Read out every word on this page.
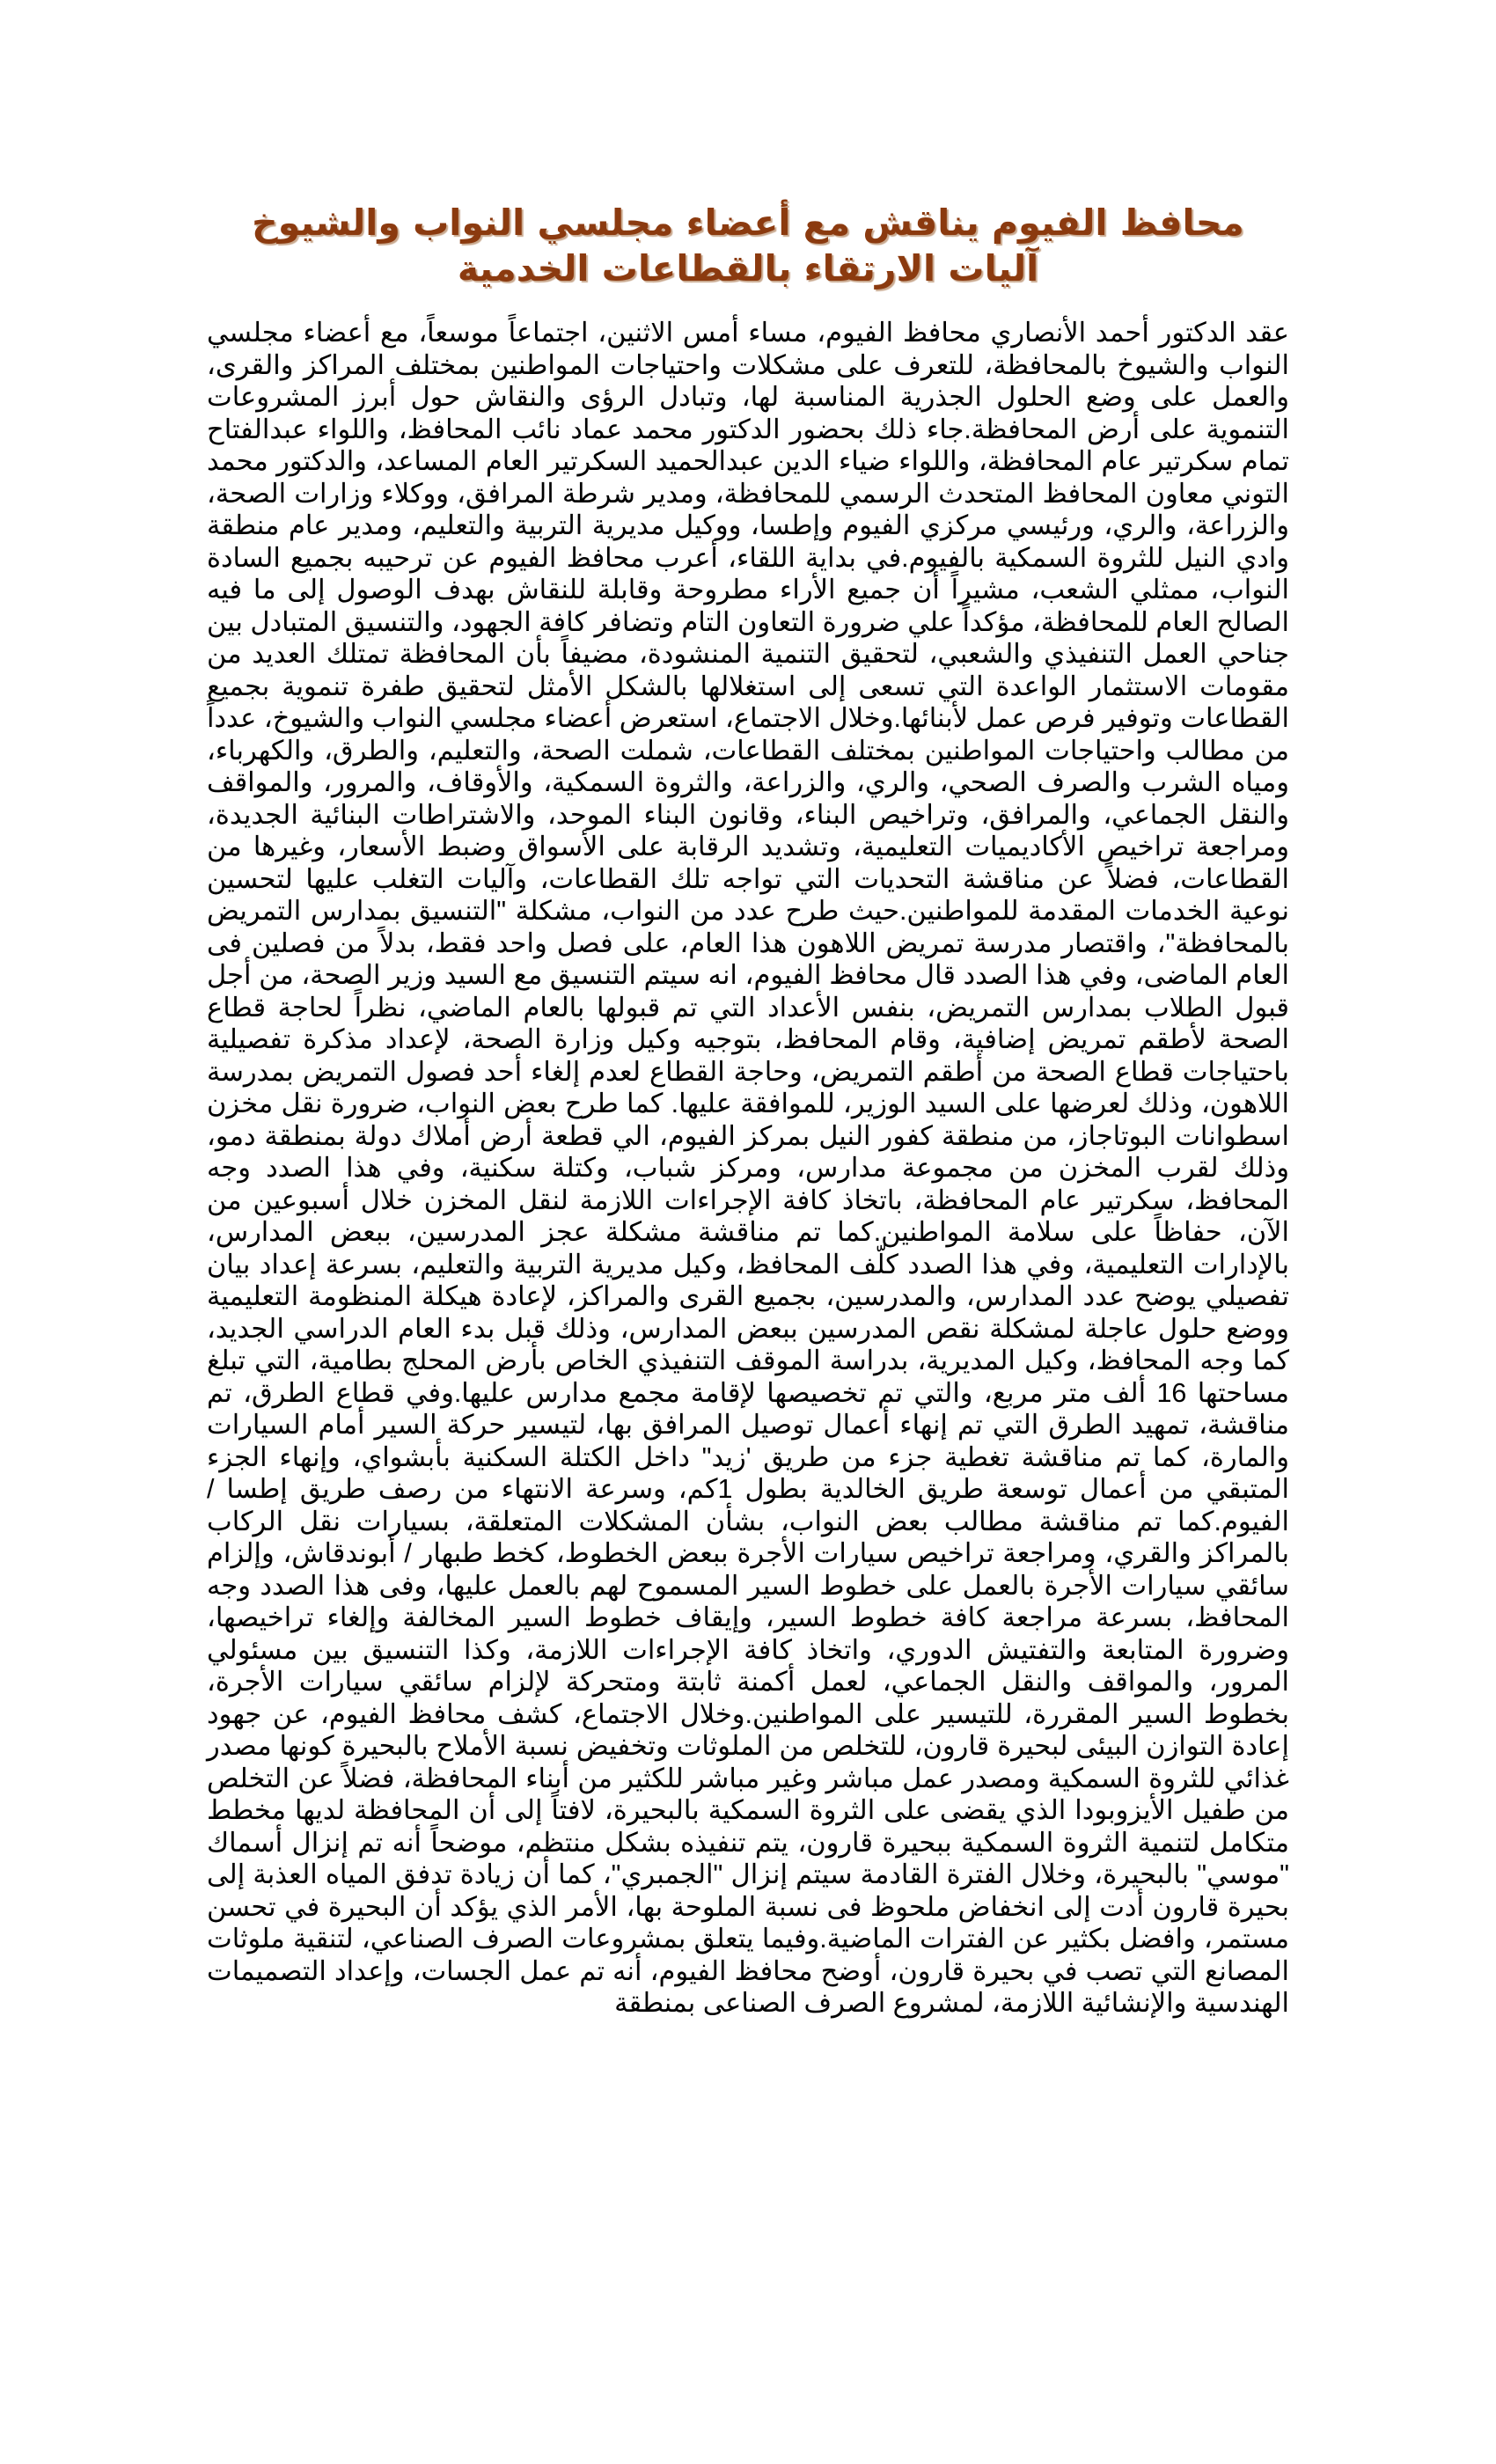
محافظ الفيوم يناقش مع أعضاء مجلسي النواب والشيوخ آليات الارتقاء بالقطاعات الخدمية

عقد الدكتور أحمد الأنصاري محافظ الفيوم، مساء أمس الاثنين، اجتماعاً موسعاً، مع أعضاء مجلسي النواب والشيوخ بالمحافظة، للتعرف على مشكلات واحتياجات المواطنين بمختلف المراكز والقرى، والعمل على وضع الحلول الجذرية المناسبة لها، وتبادل الرؤى والنقاش حول أبرز المشروعات التنموية على أرض المحافظة.جاء ذلك بحضور الدكتور محمد عماد نائب المحافظ، واللواء عبدالفتاح تمام سكرتير عام المحافظة، واللواء ضياء الدين عبدالحميد السكرتير العام المساعد، والدكتور محمد التوني معاون المحافظ المتحدث الرسمي للمحافظة، ومدير شرطة المرافق، ووكلاء وزارات الصحة، والزراعة، والري، ورئيسي مركزي الفيوم وإطسا، ووكيل مديرية التربية والتعليم، ومدير عام منطقة وادي النيل للثروة السمكية بالفيوم.في بداية اللقاء، أعرب محافظ الفيوم عن ترحيبه بجميع السادة النواب، ممثلي الشعب، مشيراً أن جميع الأراء مطروحة وقابلة للنقاش بهدف الوصول إلى ما فيه الصالح العام للمحافظة، مؤكداً علي ضرورة التعاون التام وتضافر كافة الجهود، والتنسيق المتبادل بين جناحي العمل التنفيذي والشعبي، لتحقيق التنمية المنشودة، مضيفاً بأن المحافظة تمتلك العديد من مقومات الاستثمار الواعدة التي تسعى إلى استغلالها بالشكل الأمثل لتحقيق طفرة تنموية بجميع القطاعات وتوفير فرص عمل لأبنائها.وخلال الاجتماع، استعرض أعضاء مجلسي النواب والشيوخ، عدداً من مطالب واحتياجات المواطنين بمختلف القطاعات، شملت الصحة، والتعليم، والطرق، والكهرباء، ومياه الشرب والصرف الصحي، والري، والزراعة، والثروة السمكية، والأوقاف، والمرور، والمواقف والنقل الجماعي، والمرافق، وتراخيص البناء، وقانون البناء الموحد، والاشتراطات البنائية الجديدة، ومراجعة تراخيص الأكاديميات التعليمية، وتشديد الرقابة على الأسواق وضبط الأسعار، وغيرها من القطاعات، فضلاً عن مناقشة التحديات التي تواجه تلك القطاعات، وآليات التغلب عليها لتحسين نوعية الخدمات المقدمة للمواطنين.حيث طرح عدد من النواب، مشكلة "التنسيق بمدارس التمريض بالمحافظة"، واقتصار مدرسة تمريض اللاهون هذا العام، على فصل واحد فقط، بدلاً من فصلين فى العام الماضى، وفي هذا الصدد قال محافظ الفيوم، انه سيتم التنسيق مع السيد وزير الصحة، من أجل قبول الطلاب بمدارس التمريض، بنفس الأعداد التي تم قبولها بالعام الماضي، نظراً لحاجة قطاع الصحة لأطقم تمريض إضافية، وقام المحافظ، بتوجيه وكيل وزارة الصحة، لإعداد مذكرة تفصيلية باحتياجات قطاع الصحة من أطقم التمريض، وحاجة القطاع لعدم إلغاء أحد فصول التمريض بمدرسة اللاهون، وذلك لعرضها على السيد الوزير، للموافقة عليها. كما طرح بعض النواب، ضرورة نقل مخزن اسطوانات البوتاجاز، من منطقة كفور النيل بمركز الفيوم، الي قطعة أرض أملاك دولة بمنطقة دمو، وذلك لقرب المخزن من مجموعة مدارس، ومركز شباب، وكتلة سكنية، وفي هذا الصدد وجه المحافظ، سكرتير عام المحافظة، باتخاذ كافة الإجراءات اللازمة لنقل المخزن خلال أسبوعين من الآن، حفاظاً على سلامة المواطنين.كما تم مناقشة مشكلة عجز المدرسين، ببعض المدارس، بالإدارات التعليمية، وفي هذا الصدد كلّف المحافظ، وكيل مديرية التربية والتعليم، بسرعة إعداد بيان تفصيلي يوضح عدد المدارس، والمدرسين، بجميع القرى والمراكز، لإعادة هيكلة المنظومة التعليمية ووضع حلول عاجلة لمشكلة نقص المدرسين ببعض المدارس، وذلك قبل بدء العام الدراسي الجديد، كما وجه المحافظ، وكيل المديرية، بدراسة الموقف التنفيذي الخاص بأرض المحلج بطامية، التي تبلغ مساحتها 16 ألف متر مربع، والتي تم تخصيصها لإقامة مجمع مدارس عليها.وفي قطاع الطرق، تم مناقشة، تمهيد الطرق التي تم إنهاء أعمال توصيل المرافق بها، لتيسير حركة السير أمام السيارات والمارة، كما تم مناقشة تغطية جزء من طريق 'زيد" داخل الكتلة السكنية بأبشواي، وإنهاء الجزء المتبقي من أعمال توسعة طريق الخالدية بطول 1كم، وسرعة الانتهاء من رصف طريق إطسا / الفيوم.كما تم مناقشة مطالب بعض النواب، بشأن المشكلات المتعلقة، بسيارات نقل الركاب بالمراكز والقري، ومراجعة تراخيص سيارات الأجرة ببعض الخطوط، كخط طبهار / أبوندقاش، وإلزام سائقي سيارات الأجرة بالعمل على خطوط السير المسموح لهم بالعمل عليها، وفى هذا الصدد وجه المحافظ، بسرعة مراجعة كافة خطوط السير، وإيقاف خطوط السير المخالفة وإلغاء تراخيصها، وضرورة المتابعة والتفتيش الدوري، واتخاذ كافة الإجراءات اللازمة، وكذا التنسيق بين مسئولي المرور، والمواقف والنقل الجماعي، لعمل أكمنة ثابتة ومتحركة لإلزام سائقي سيارات الأجرة، بخطوط السير المقررة، للتيسير على المواطنين.وخلال الاجتماع، كشف محافظ الفيوم، عن جهود إعادة التوازن البيئى لبحيرة قارون، للتخلص من الملوثات وتخفيض نسبة الأملاح بالبحيرة كونها مصدر غذائي للثروة السمكية ومصدر عمل مباشر وغير مباشر للكثير من أبناء المحافظة، فضلاً عن التخلص من طفيل الأيزوبودا الذي يقضى على الثروة السمكية بالبحيرة، لافتاً إلى أن المحافظة لديها مخطط متكامل لتنمية الثروة السمكية ببحيرة قارون، يتم تنفيذه بشكل منتظم، موضحاً أنه تم إنزال أسماك "موسي" بالبحيرة، وخلال الفترة القادمة سيتم إنزال "الجمبري"، كما أن زيادة تدفق المياه العذبة إلى بحيرة قارون أدت إلى انخفاض ملحوظ فى نسبة الملوحة بها، الأمر الذي يؤكد أن البحيرة في تحسن مستمر، وافضل بكثير عن الفترات الماضية.وفيما يتعلق بمشروعات الصرف الصناعي، لتنقية ملوثات المصانع التي تصب في بحيرة قارون، أوضح محافظ الفيوم، أنه تم عمل الجسات، وإعداد التصميمات الهندسية والإنشائية اللازمة، لمشروع الصرف الصناعى بمنطقة
